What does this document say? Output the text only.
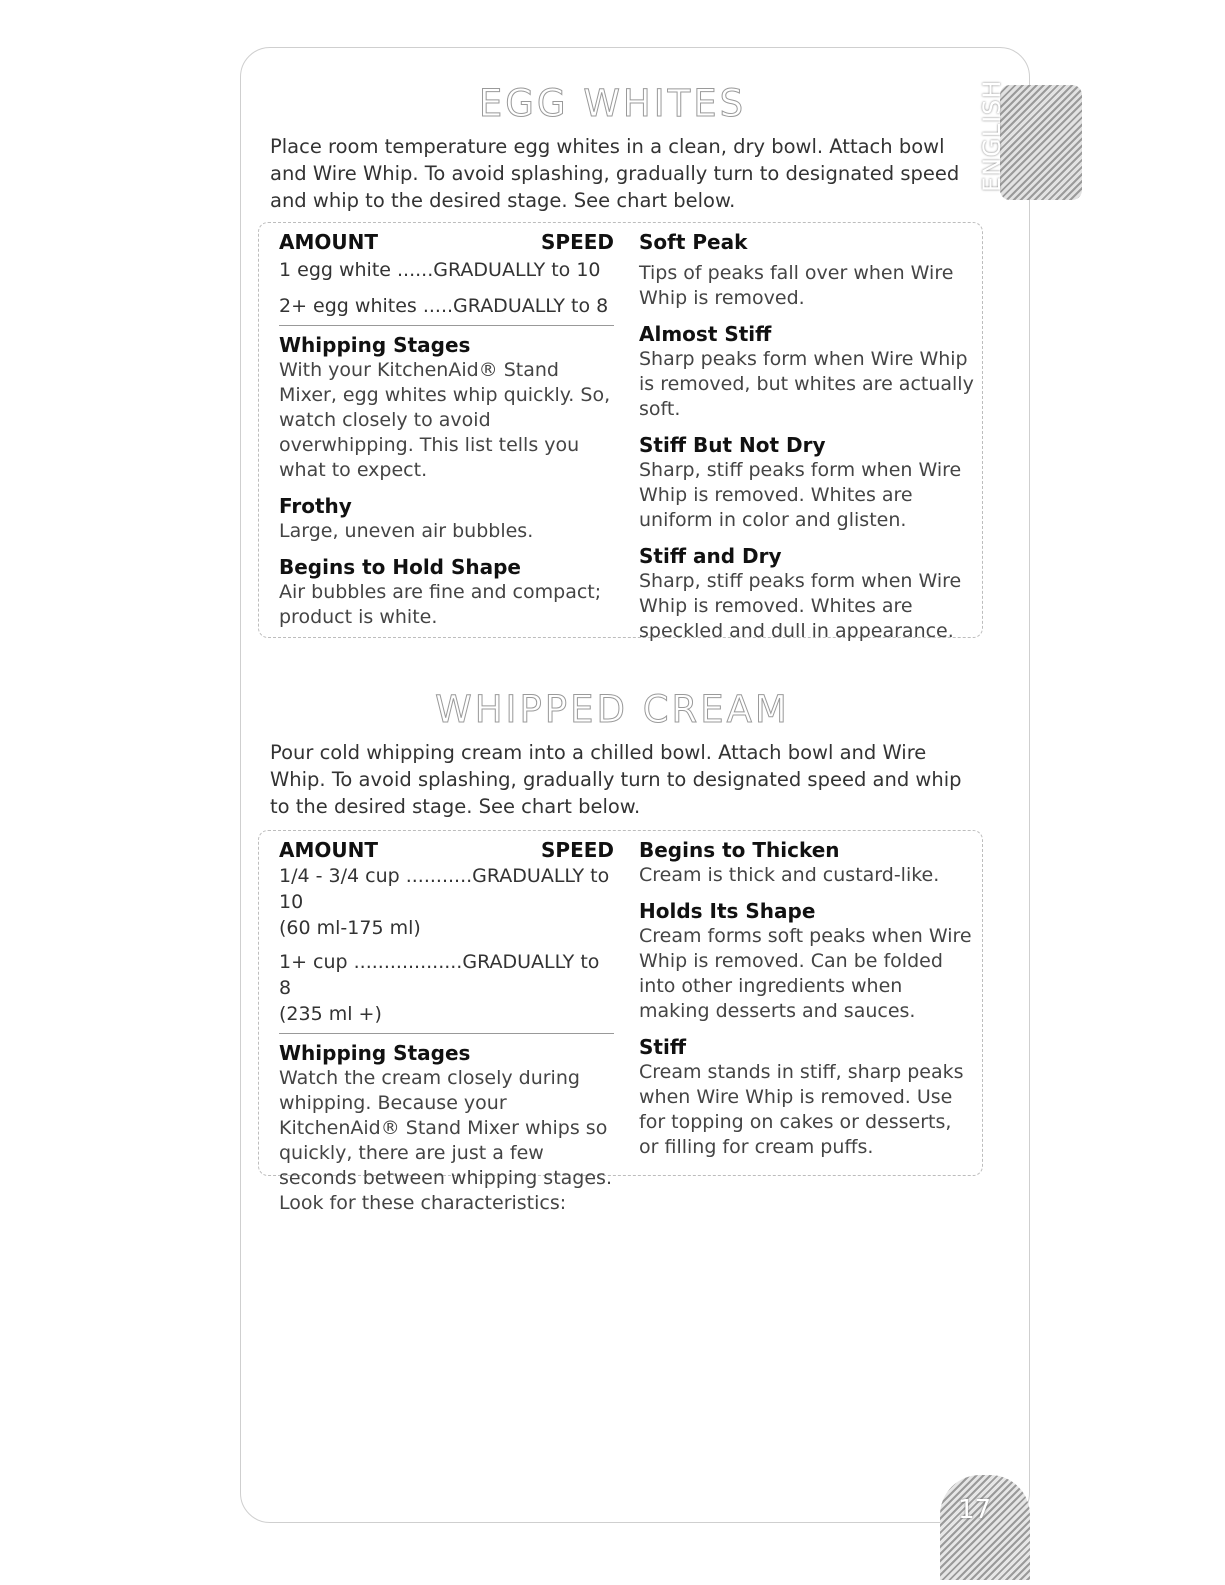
ENGLISH
EGG WHITES

Place room temperature egg whites in a clean, dry bowl. Attach bowl and Wire Whip. To avoid splashing, gradually turn to designated speed and whip to the desired stage. See chart below.

AMOUNT	SPEED
1 egg white ......GRADUALLY to 10
2+ egg whites .....GRADUALLY to 8
Whipping Stages
With your KitchenAid® Stand Mixer, egg whites whip quickly. So, watch closely to avoid overwhipping. This list tells you what to expect.
Frothy
Large, uneven air bubbles.
Begins to Hold Shape
Air bubbles are fine and compact; product is white.
Soft Peak
Tips of peaks fall over when Wire Whip is removed.
Almost Stiff
Sharp peaks form when Wire Whip is removed, but whites are actually soft.
Stiff But Not Dry
Sharp, stiff peaks form when Wire Whip is removed. Whites are uniform in color and glisten.
Stiff and Dry
Sharp, stiff peaks form when Wire Whip is removed. Whites are speckled and dull in appearance.
WHIPPED CREAM

Pour cold whipping cream into a chilled bowl. Attach bowl and Wire Whip. To avoid splashing, gradually turn to designated speed and whip to the desired stage. See chart below.

AMOUNT	SPEED
1/4 - 3/4 cup ...........GRADUALLY to 10
(60 ml-175 ml)
1+ cup ..................GRADUALLY to 8
(235 ml +)
Whipping Stages
Watch the cream closely during whipping. Because your KitchenAid® Stand Mixer whips so quickly, there are just a few seconds between whipping stages. Look for these characteristics:
Begins to Thicken
Cream is thick and custard-like.
Holds Its Shape
Cream forms soft peaks when Wire Whip is removed. Can be folded into other ingredients when making desserts and sauces.
Stiff
Cream stands in stiff, sharp peaks when Wire Whip is removed. Use for topping on cakes or desserts, or filling for cream puffs.
17
